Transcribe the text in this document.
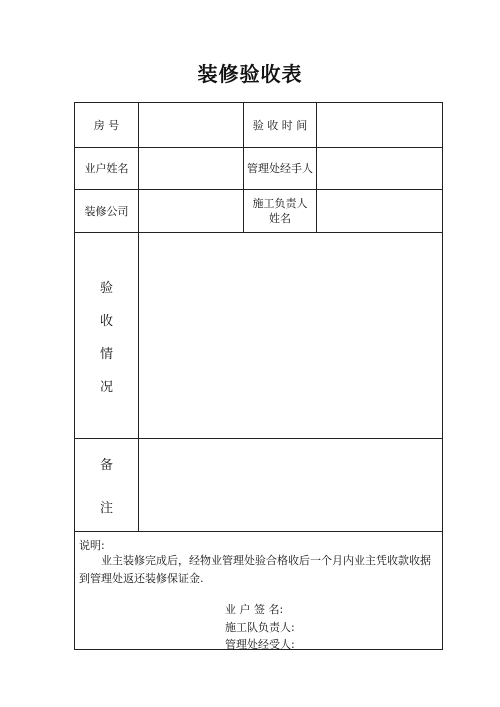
装修验收表
房 号	验 收 时 间
业户姓名	管理处经手人
装修公司
施工负责人姓名
验
收
情
况
备
注
说明:
业主装修完成后，经物业管理处验合格收后一个月内业主凭收款收据到管理处返还装修保证金.
业 户 签 名:
施工队负责人:
管理处经受人:
